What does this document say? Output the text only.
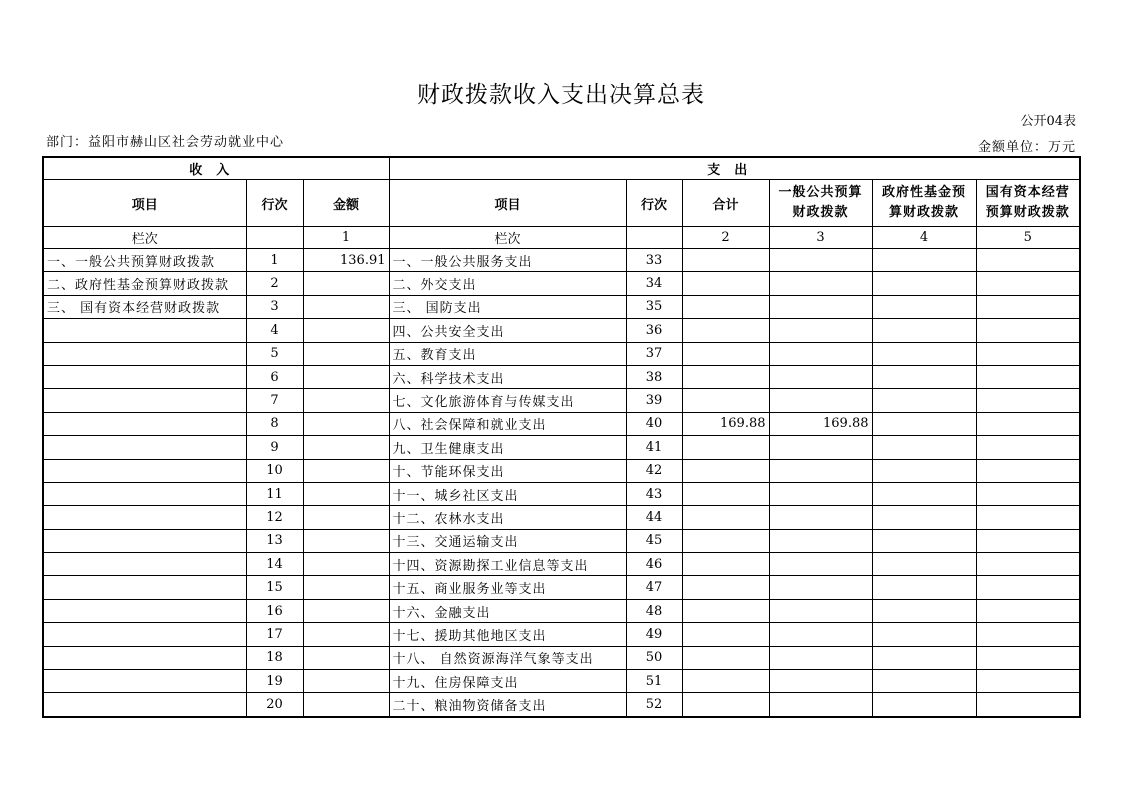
财政拨款收入支出决算总表
公开04表
部门：益阳市赫山区社会劳动就业中心	金额单位：万元
收入			支出					
项目	行次	金额	项目	行次	合计	一般公共预算财政拨款	政府性基金预算财政拨款	国有资本经营预算财政拨款
栏次		1	栏次		2	3	4	5
一、一般公共预算财政拨款	1	136.91	一、一般公共服务支出	33				
二、政府性基金预算财政拨款	2		二、外交支出	34				
三、 国有资本经营财政拨款	3		三、 国防支出	35				
	4		四、公共安全支出	36				
	5		五、教育支出	37				
	6		六、科学技术支出	38				
	7		七、文化旅游体育与传媒支出	39				
	8		八、社会保障和就业支出	40	169.88	169.88		
	9		九、卫生健康支出	41				
	10		十、节能环保支出	42				
	11		十一、城乡社区支出	43				
	12		十二、农林水支出	44				
	13		十三、交通运输支出	45				
	14		十四、资源勘探工业信息等支出	46				
	15		十五、商业服务业等支出	47				
	16		十六、金融支出	48				
	17		十七、援助其他地区支出	49				
	18		十八、 自然资源海洋气象等支出	50				
	19		十九、住房保障支出	51				
	20		二十、粮油物资储备支出	52				
